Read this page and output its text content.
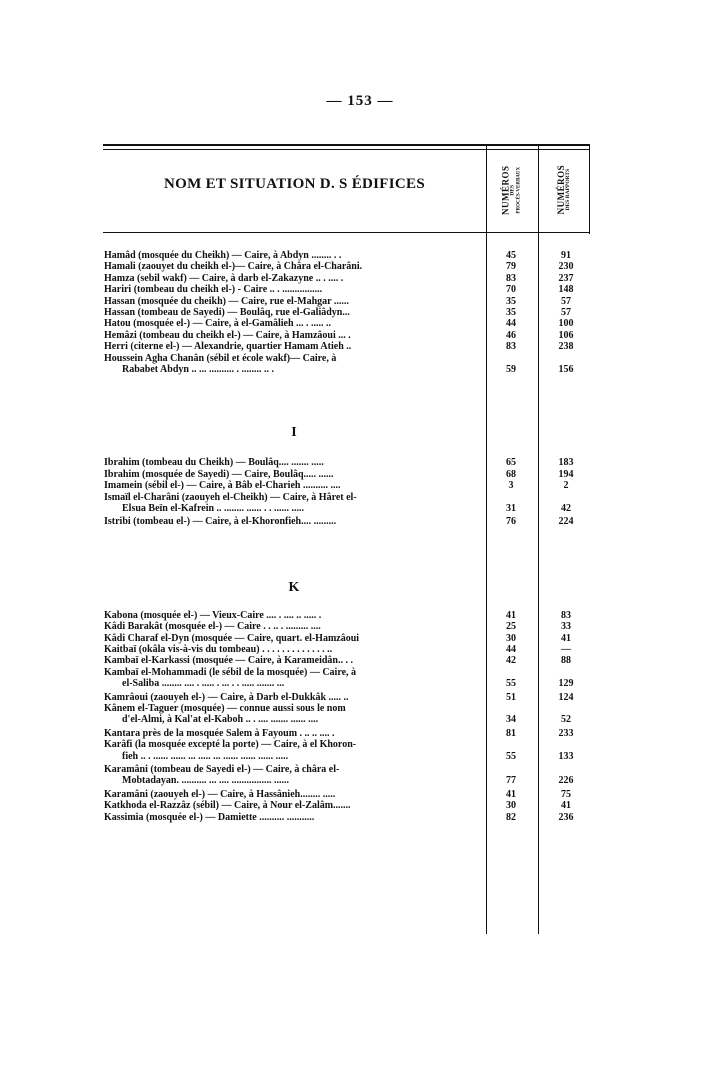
— 153 —
NOM ET SITUATION D. S ÉDIFICES	NUMÉROS DES PROCÈS-VERBAUX	NUMÉROS DES RAPPORTS
Hamâd (mosquée du Cheikh) — Caire, à Abdyn ........ . .	45	91
Hamali (zaouyet du cheikh el-)— Caire, à Châra el-Charâni.	79	230
Hamza (sebil wakf) — Caire, à darb el-Zakazyne .. . .... .	83	237
Hariri (tombeau du cheikh el-) - Caire .. . ................	70	148
Hassan (mosquée du cheikh) — Caire, rue el-Mahgar ......	35	57
Hassan (tombeau de Sayedi) — Boulâq, rue el-Galiâdyn...	35	57
Hatou (mosquée el-) — Caire, à el-Gamâlieh ... . ..... ..	44	100
Hemâzi (tombeau du cheikh el-) — Caire, à Hamzâoui ... .	46	106
Herri (citerne el-) — Alexandrie, quartier Hamam Atieh ..	83	238
Houssein Agha Chanân (sébil et école wakf)— Caire, à
Rababet Abdyn .. ... .......... . ........ .. .	59	156
I
Ibrahim (tombeau du Cheikh) — Boulâq.... ....... .....	65	183
Ibrahim (mosquée de Sayedi) — Caire, Boulâq..... ......	68	194
Imamein (sébil el-) — Caire, à Bâb el-Charieh .......... ....	3	2
Ismaïl el-Charâni (zaouyeh el-Cheikh) — Caire, à Hâret el-
Elsua Beïn el-Kafrein .. ........ ...... . . ...... .....	31	42
Istribi (tombeau el-) — Caire, à el-Khoronfieh.... .........	76	224
K
Kabona (mosquée el-) — Vieux-Caire .... . .... .. ..... .	41	83
Kâdi Barakât (mosquée el-) — Caire . . .. . ......... ....	25	33
Kâdi Charaf el-Dyn (mosquée — Caire, quart. el-Hamzâoui	30	41
Kaitbaï (okâla vis-à-vis du tombeau) . . . . . . . . . . . . . ..	44	—
Kambaï el-Karkassi (mosquée — Caire, à Karameidân.. . .	42	88
Kambaï el-Mohammadi (le sébil de la mosquée) — Caire, à
el-Saliba ........ .... . ..... . ... . . ..... ....... ...	55	129
Kamrâoui (zaouyeh el-) — Caire, à Darb el-Dukkâk ..... ..	51	124
Kânem el-Taguer (mosquée) — connue aussi sous le nom
d'el-Almi, à Kal'at el-Kaboh .. . .... ....... ...... ....	34	52
Kantara près de la mosquée Salem à Fayoum . .. .. .... .	81	233
Karâfi (la mosquée excepté la porte) — Caire, à el Khoron-
fieh .. . ...... ...... ... ..... ... ...... ...... ...... .....	55	133
Karamâni (tombeau de Sayedi el-) — Caire, à châra el-
Mobtadayan. .......... ... .... ................ ......	77	226
Karamâni (zaouyeh el-) — Caire, à Hassânieh........ .....	41	75
Katkhoda el-Razzâz (sébil) — Caire, à Nour el-Zalâm.......	30	41
Kassimia (mosquée el-) — Damiette .......... ...........	82	236
